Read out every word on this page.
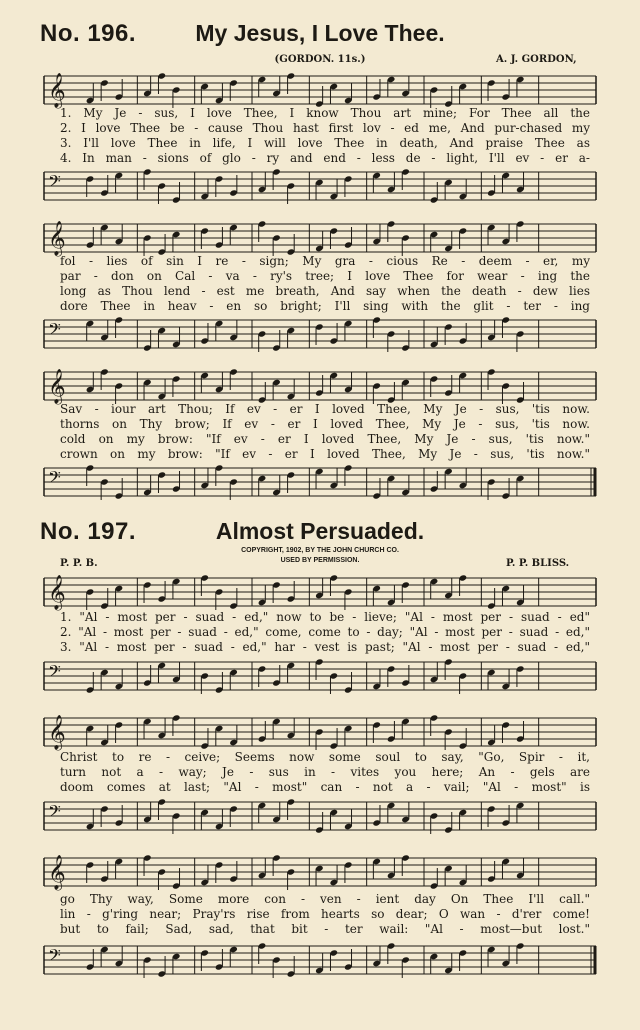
No. 196.	My Jesus, I Love Thee.
(GORDON. 11s.)	A. J. GORDON,
𝄞
1. My Je - sus, I love Thee, I know Thou art mine; For Thee all the
2. I love Thee be - cause Thou hast first lov - ed me, And pur-chased my
3. I'll love Thee in life, I will love Thee in death, And praise Thee as
4. In man - sions of glo - ry and end - less de - light, I'll ev - er a-
𝄢
𝄞
fol - lies of sin I re - sign; My gra - cious Re - deem - er, my
par - don on Cal - va - ry's tree; I love Thee for wear - ing the
long as Thou lend - est me breath, And say when the death - dew lies
dore Thee in heav - en so bright; I'll sing with the glit - ter - ing
𝄢
𝄞
Sav - iour art Thou; If ev - er I loved Thee, My Je - sus, 'tis now.
thorns on Thy brow; If ev - er I loved Thee, My Je - sus, 'tis now.
cold on my brow: "If ev - er I loved Thee, My Je - sus, 'tis now."
crown on my brow: "If ev - er I loved Thee, My Je - sus, 'tis now."
𝄢
No. 197.	Almost Persuaded.
COPYRIGHT, 1902, BY THE JOHN CHURCH CO.
USED BY PERMISSION.
P. P. B.	P. P. BLISS.
𝄞
1. "Al - most per - suad - ed," now to be - lieve; "Al - most per - suad - ed"
2. "Al - most per - suad - ed," come, come to - day; "Al - most per - suad - ed,"
3. "Al - most per - suad - ed," har - vest is past; "Al - most per - suad - ed,"
𝄢
𝄞
Christ to re - ceive; Seems now some soul to say, "Go, Spir - it,
turn not a - way; Je - sus in - vites you here; An - gels are
doom comes at last; "Al - most" can - not a - vail; "Al - most" is
𝄢
𝄞
go Thy way, Some more con - ven - ient day On Thee I'll call."
lin - g'ring near; Pray'rs rise from hearts so dear; O wan - d'rer come!
but to fail; Sad, sad, that bit - ter wail: "Al - most—but lost."
𝄢
